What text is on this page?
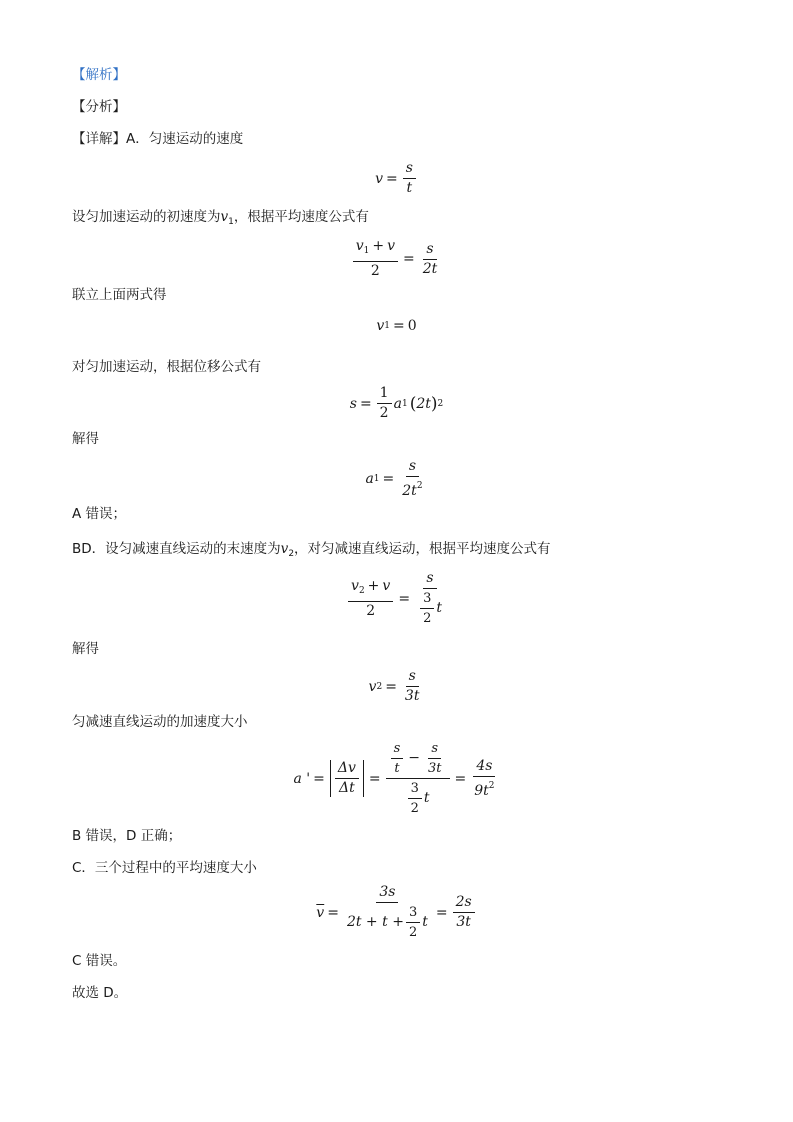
【解析】
【分析】
【详解】A．匀速运动的速度
$v = \frac{s}{t}$
设匀加速运动的初速度为$v_1$，根据平均速度公式有
$\frac{v_1 + v}{2} = \frac{s}{2t}$
联立上面两式得
v 1 = 0
对匀加速运动，根据位移公式有
$s = \frac{1}{2}$ a 1 ( 2t ) 2
解得
a $1 = \frac{s}{2t^2}$
A 错误；
BD．设匀减速直线运动的末速度为$v_2$，对匀减速直线运动，根据平均速度公式有
$\frac{v_2 + v}{2} = \frac{s}{\frac{3}{2} t}$
解得
v $2 = \frac{s}{3t}$
匀减速直线运动的加速度大小
a ' = $\frac{\Delta v}{\Delta t} = \frac{\frac{s}{t} - \frac{s}{3t}}{\frac{3}{2} t} = \frac{4s}{9t^2}$
B 错误，D 正确；
C．三个过程中的平均速度大小
$\overline{v} = \frac{3s}{2t + t + \frac{3}{2} t} = \frac{2s}{3t}$
C 错误。
故选 D。
